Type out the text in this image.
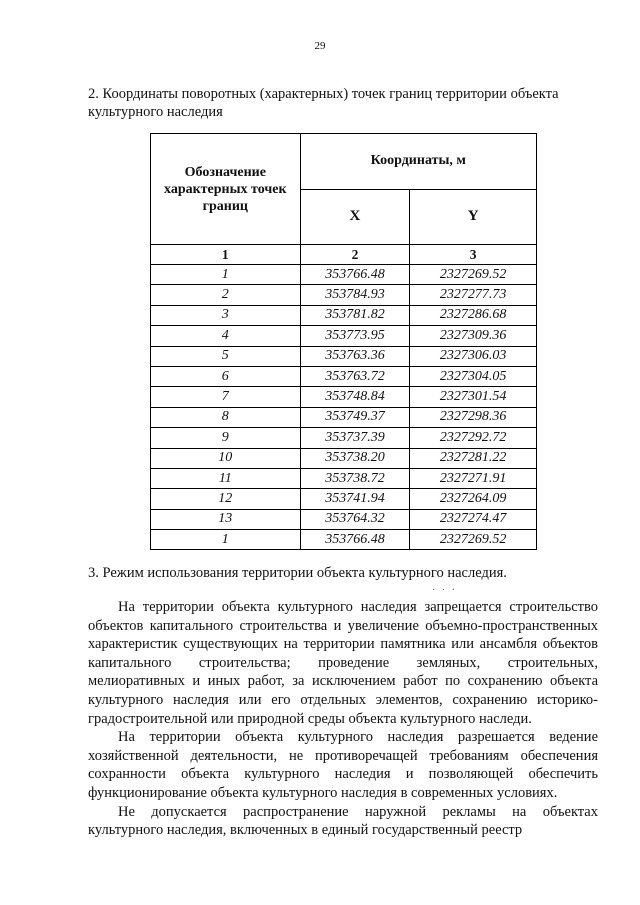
29

2. Координаты поворотных (характерных) точек границ территории объекта культурного наследия

Обозначение характерных точек границ	Координаты, м	
	X	Y
1	2	3
1	353766.48	2327269.52
2	353784.93	2327277.73
3	353781.82	2327286.68
4	353773.95	2327309.36
5	353763.36	2327306.03
6	353763.72	2327304.05
7	353748.84	2327301.54
8	353749.37	2327298.36
9	353737.39	2327292.72
10	353738.20	2327281.22
11	353738.72	2327271.91
12	353741.94	2327264.09
13	353764.32	2327274.47
1	353766.48	2327269.52

3. Режим использования территории объекта культурного наследия.

· · ·

На территории объекта культурного наследия запрещается строительство объектов капитального строительства и увеличение объемно-пространственных характеристик существующих на территории памятника или ансамбля объектов капитального строительства; проведение земляных, строительных, мелиоративных и иных работ, за исключением работ по сохранению объекта культурного наследия или его отдельных элементов, сохранению историко-градостроительной или природной среды объекта культурного наследи.

На территории объекта культурного наследия разрешается ведение хозяйственной деятельности, не противоречащей требованиям обеспечения сохранности объекта культурного наследия и позволяющей обеспечить функционирование объекта культурного наследия в современных условиях.

Не допускается распространение наружной рекламы на объектах культурного наследия, включенных в единый государственный реестр
